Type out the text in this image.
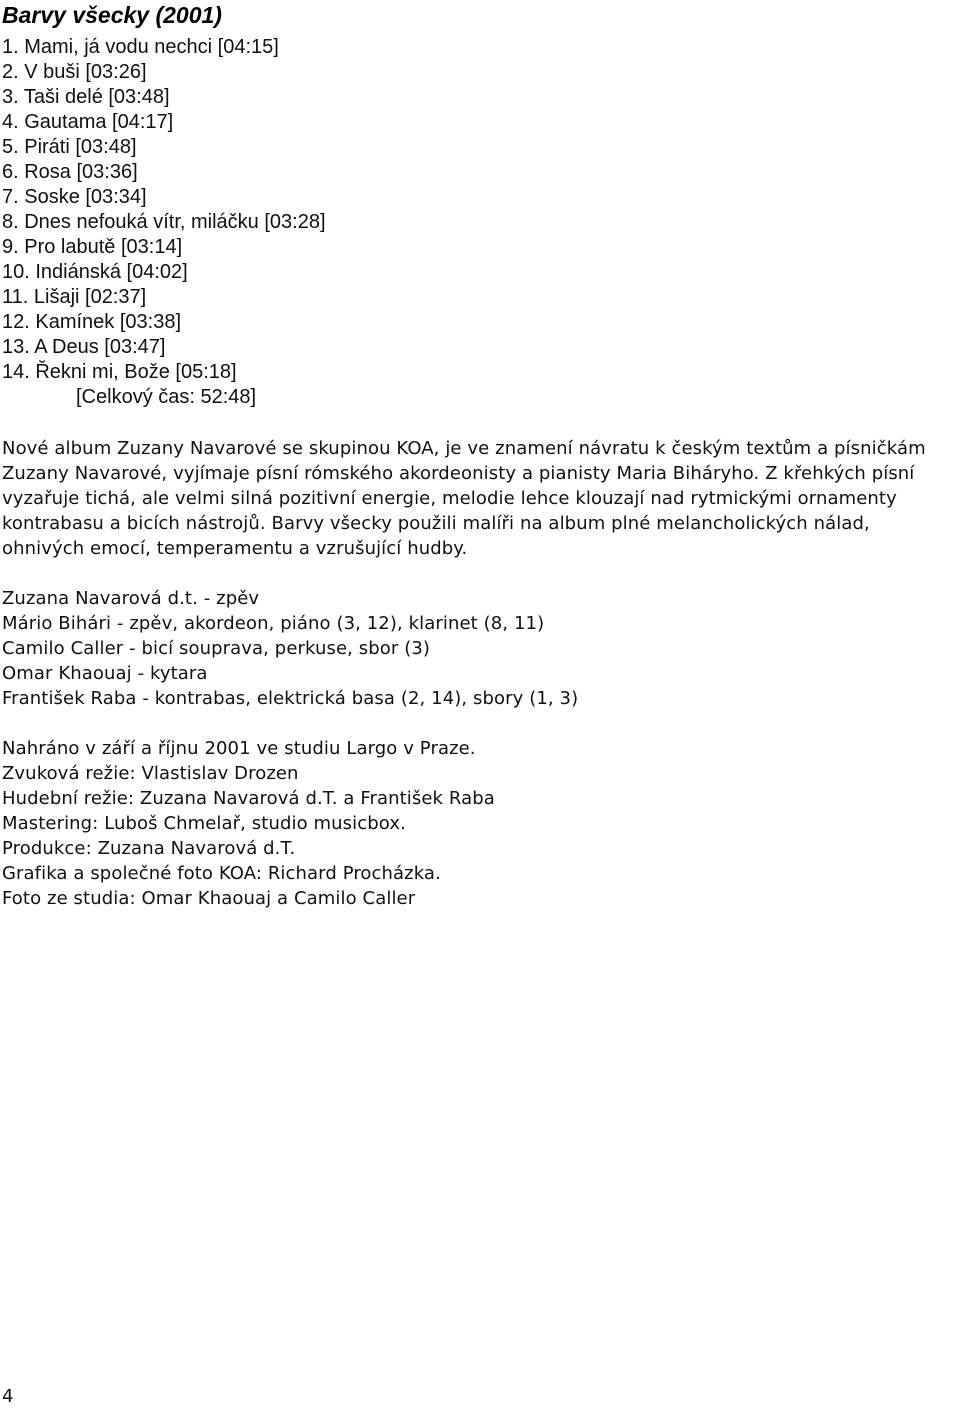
Barvy všecky (2001)
1. Mami, já vodu nechci [04:15]
2. V buši [03:26]
3. Taši delé [03:48]
4. Gautama [04:17]
5. Piráti [03:48]
6. Rosa [03:36]
7. Soske [03:34]
8. Dnes nefouká vítr, miláčku [03:28]
9. Pro labutě [03:14]
10. Indiánská [04:02]
11. Lišaji [02:37]
12. Kamínek [03:38]
13. A Deus [03:47]
14. Řekni mi, Bože [05:18]
[Celkový čas: 52:48]

Nové album Zuzany Navarové se skupinou KOA, je ve znamení návratu k českým textům a písničkám Zuzany Navarové, vyjímaje písní rómského akordeonisty a pianisty Maria Biháryho. Z křehkých písní vyzařuje tichá, ale velmi silná pozitivní energie, melodie lehce klouzají nad rytmickými ornamenty kontrabasu a bicích nástrojů. Barvy všecky použili malíři na album plné melancholických nálad, ohnivých emocí, temperamentu a vzrušující hudby.

Zuzana Navarová d.t. - zpěv
Mário Bihári - zpěv, akordeon, piáno (3, 12), klarinet (8, 11)
Camilo Caller - bicí souprava, perkuse, sbor (3)
Omar Khaouaj - kytara
František Raba - kontrabas, elektrická basa (2, 14), sbory (1, 3)
Nahráno v září a říjnu 2001 ve studiu Largo v Praze.
Zvuková režie: Vlastislav Drozen
Hudební režie: Zuzana Navarová d.T. a František Raba
Mastering: Luboš Chmelař, studio musicbox.
Produkce: Zuzana Navarová d.T.
Grafika a společné foto KOA: Richard Procházka.
Foto ze studia: Omar Khaouaj a Camilo Caller
4
